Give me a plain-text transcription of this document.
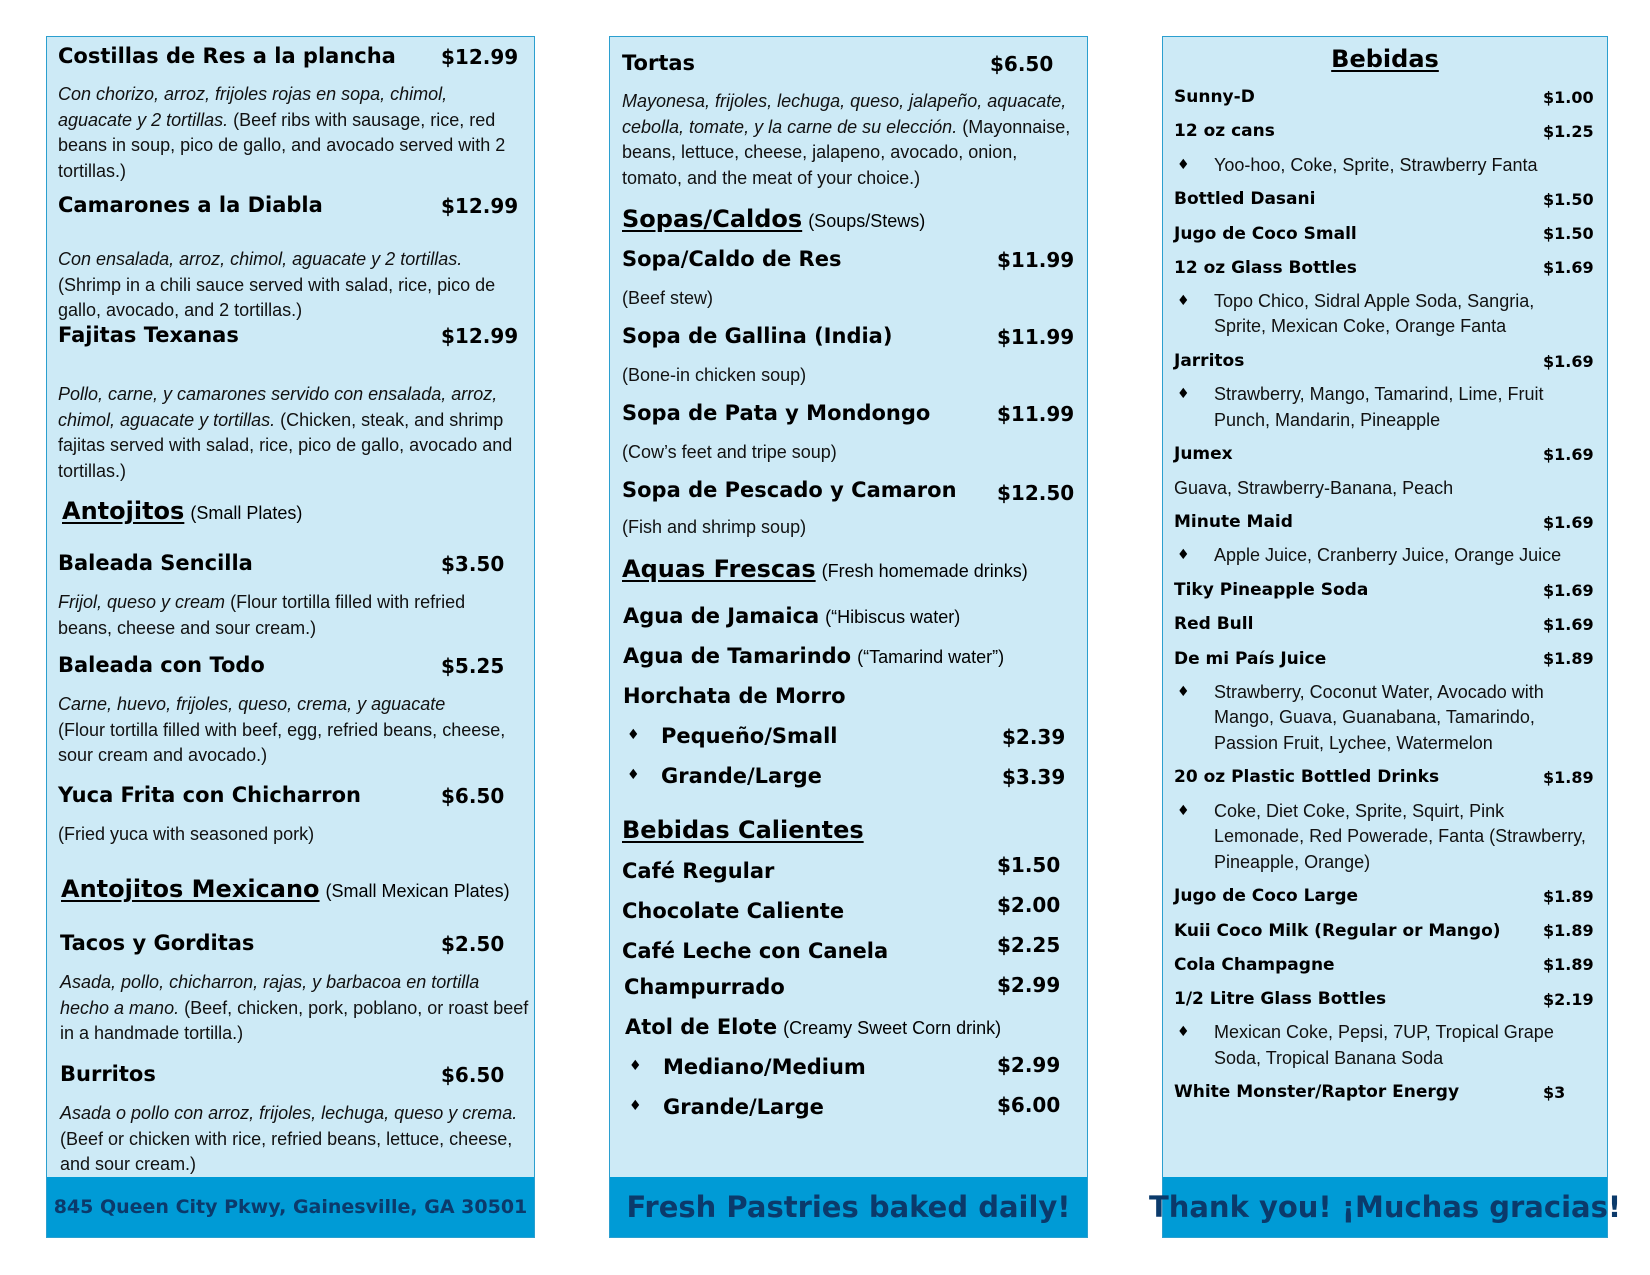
Costillas de Res a la plancha $12.99
Con chorizo, arroz, frijoles rojas en sopa, chimol, aguacate y 2 tortillas. (Beef ribs with sausage, rice, red beans in soup, pico de gallo, and avocado served with 2 tortillas.)
Camarones a la Diabla	$12.99
Con ensalada, arroz, chimol, aguacate y 2 tortillas. (Shrimp in a chili sauce served with salad, rice, pico de gallo, avocado, and 2 tortillas.)
Fajitas Texanas	$12.99
Pollo, carne, y camarones servido con ensalada, arroz, chimol, aguacate y tortillas. (Chicken, steak, and shrimp fajitas served with salad, rice, pico de gallo, avocado and tortillas.)
Antojitos (Small Plates)
Baleada Sencilla	$3.50
Frijol, queso y cream (Flour tortilla filled with refried beans, cheese and sour cream.)
Baleada con Todo	$5.25
Carne, huevo, frijoles, queso, crema, y aguacate
(Flour tortilla filled with beef, egg, refried beans, cheese, sour cream and avocado.)
Yuca Frita con Chicharron	$6.50
(Fried yuca with seasoned pork)
Antojitos Mexicano (Small Mexican Plates)
Tacos y Gorditas	$2.50
Asada, pollo, chicharron, rajas, y barbacoa en tortilla hecho a mano. (Beef, chicken, pork, poblano, or roast beef in a handmade tortilla.)
Burritos	$6.50
Asada o pollo con arroz, frijoles, lechuga, queso y crema. (Beef or chicken with rice, refried beans, lettuce, cheese, and sour cream.)
845 Queen City Pkwy, Gainesville, GA 30501
Tortas	$6.50
Mayonesa, frijoles, lechuga, queso, jalapeño, aquacate, cebolla, tomate, y la carne de su elección. (Mayonnaise, beans, lettuce, cheese, jalapeno, avocado, onion, tomato, and the meat of your choice.)
Sopas/Caldos (Soups/Stews)
Sopa/Caldo de Res	$11.99
(Beef stew)
Sopa de Gallina (India)	$11.99
(Bone-in chicken soup)
Sopa de Pata y Mondongo	$11.99
(Cow’s feet and tripe soup)
Sopa de Pescado y Camaron $12.50
(Fish and shrimp soup)
Aquas Frescas (Fresh homemade drinks)
Agua de Jamaica (“Hibiscus water)
Agua de Tamarindo (“Tamarind water”)
Horchata de Morro
♦ Pequeño/Small	$2.39
♦ Grande/Large	$3.39
Bebidas Calientes
Café Regular	$1.50
Chocolate Caliente	$2.00
Café Leche con Canela	$2.25
Champurrado	$2.99
Atol de Elote (Creamy Sweet Corn drink)
♦ Mediano/Medium	$2.99
♦ Grande/Large	$6.00
Fresh Pastries baked daily!
Bebidas
Sunny-D	$1.00
12 oz cans	$1.25
♦	Yoo-hoo, Coke, Sprite, Strawberry Fanta
Bottled Dasani	$1.50
Jugo de Coco Small	$1.50
12 oz Glass Bottles	$1.69
♦	Topo Chico, Sidral Apple Soda, Sangria, Sprite, Mexican Coke, Orange Fanta
Jarritos	$1.69
♦	Strawberry, Mango, Tamarind, Lime, Fruit Punch, Mandarin, Pineapple
Jumex	$1.69
Guava, Strawberry-Banana, Peach
Minute Maid	$1.69
♦	Apple Juice, Cranberry Juice, Orange Juice
Tiky Pineapple Soda	$1.69
Red Bull	$1.69
De mi País Juice	$1.89
♦	Strawberry, Coconut Water, Avocado with Mango, Guava, Guanabana, Tamarindo, Passion Fruit, Lychee, Watermelon
20 oz Plastic Bottled Drinks	$1.89
♦	Coke, Diet Coke, Sprite, Squirt, Pink Lemonade, Red Powerade, Fanta (Strawberry, Pineapple, Orange)
Jugo de Coco Large	$1.89
Kuii Coco Milk (Regular or Mango)	$1.89
Cola Champagne	$1.89
1/2 Litre Glass Bottles	$2.19
♦	Mexican Coke, Pepsi, 7UP, Tropical Grape Soda, Tropical Banana Soda
White Monster/Raptor Energy	$3
Thank you! ¡Muchas gracias!
